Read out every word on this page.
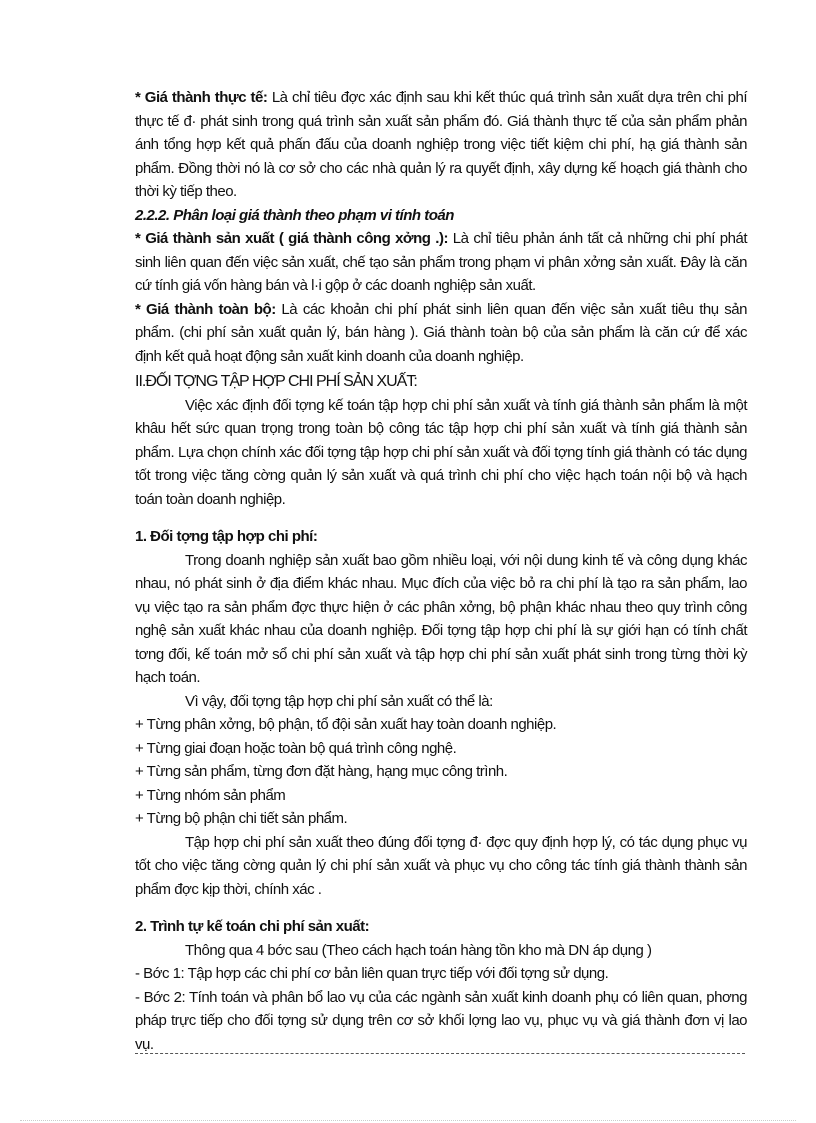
* Giá thành thực tế: Là chỉ tiêu đợc xác định sau khi kết thúc quá trình sản xuất dựa trên chi phí thực tế đ· phát sinh trong quá trình sản xuất sản phẩm đó. Giá thành thực tế của sản phẩm phản ánh tổng hợp kết quả phấn đấu của doanh nghiệp trong việc tiết kiệm chi phí, hạ giá thành sản phẩm. Đồng thời nó là cơ sở cho các nhà quản lý ra quyết định, xây dựng kế hoạch giá thành cho thời kỳ tiếp theo.

2.2.2. Phân loại giá thành theo phạm vi tính toán

* Giá thành sản xuất ( giá thành công xởng .): Là chỉ tiêu phản ánh tất cả những chi phí phát sinh liên quan đến việc sản xuất, chế tạo sản phẩm trong phạm vi phân xởng sản xuất. Đây là căn cứ tính giá vốn hàng bán và l·i gộp ở các doanh nghiệp sản xuất.

* Giá thành toàn bộ: Là các khoản chi phí phát sinh liên quan đến việc sản xuất tiêu thụ sản phẩm. (chi phí sản xuất quản lý, bán hàng ). Giá thành toàn bộ của sản phẩm là căn cứ để xác định kết quả hoạt động sản xuất kinh doanh của doanh nghiệp.

II.ĐỐI TỢNG TẬP HỢP CHI PHÍ SẢN XUẤT:

Việc xác định đối tợng kế toán tập hợp chi phí sản xuất và tính giá thành sản phẩm là một khâu hết sức quan trọng trong toàn bộ công tác tập hợp chi phí sản xuất và tính giá thành sản phẩm. Lựa chọn chính xác đối tợng tập hợp chi phí sản xuất và đối tợng tính giá thành có tác dụng tốt trong việc tăng cờng quản lý sản xuất và quá trình chi phí cho việc hạch toán nội bộ và hạch toán toàn doanh nghiệp.

1. Đối tợng tập hợp chi phí:

Trong doanh nghiệp sản xuất bao gồm nhiều loại, với nội dung kinh tế và công dụng khác nhau, nó phát sinh ở địa điểm khác nhau. Mục đích của việc bỏ ra chi phí là tạo ra sản phẩm, lao vụ việc tạo ra sản phẩm đợc thực hiện ở các phân xởng, bộ phận khác nhau theo quy trình công nghệ sản xuất khác nhau của doanh nghiệp. Đối tợng tập hợp chi phí là sự giới hạn có tính chất tơng đối, kế toán mở sổ chi phí sản xuất và tập hợp chi phí sản xuất phát sinh trong từng thời kỳ hạch toán.

Vì vậy, đối tợng tập hợp chi phí sản xuất có thể là:

+ Từng phân xởng, bộ phận, tổ đội sản xuất hay toàn doanh nghiệp.

+ Từng giai đoạn hoặc toàn bộ quá trình công nghệ.

+ Từng sản phẩm, từng đơn đặt hàng, hạng mục công trình.

+ Từng nhóm sản phẩm

+ Từng bộ phận chi tiết sản phẩm.

Tập hợp chi phí sản xuất theo đúng đối tợng đ· đợc quy định hợp lý, có tác dụng phục vụ tốt cho việc tăng cờng quản lý chi phí sản xuất và phục vụ cho công tác tính giá thành thành sản phẩm đợc kịp thời, chính xác .

2. Trình tự kế toán chi phí sản xuất:

Thông qua 4 bớc sau (Theo cách hạch toán hàng tồn kho mà DN áp dụng )

- Bớc 1: Tập hợp các chi phí cơ bản liên quan trực tiếp với đối tợng sử dụng.

- Bớc 2: Tính toán và phân bổ lao vụ của các ngành sản xuất kinh doanh phụ có liên quan, phơng pháp trực tiếp cho đối tợng sử dụng trên cơ sở khối lợng lao vụ, phục vụ và giá thành đơn vị lao vụ.
